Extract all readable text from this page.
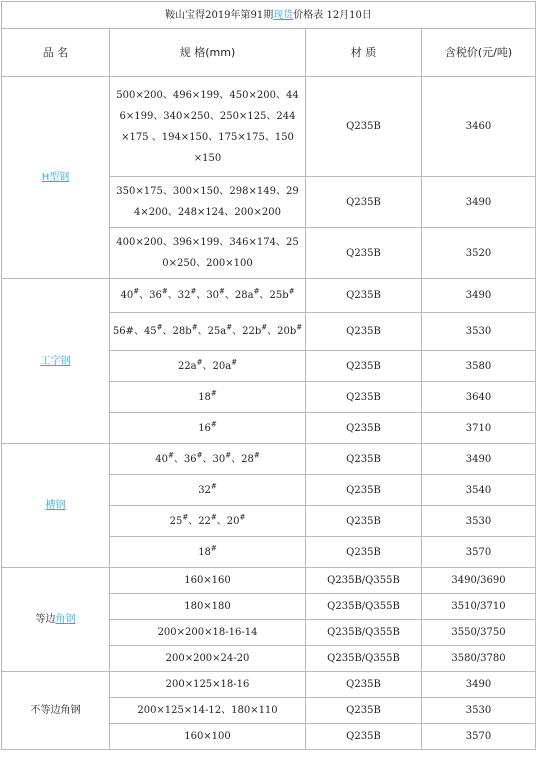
鞍山宝得2019年第91期现货价格表 12月10日			
品 名	规 格(mm)	材 质	含税价(元/吨)
H型钢	500×200、496×199、450×200、44
6×199、340×250、250×125、244
×175 、194×150、175×175、150
×150	Q235B	3460

	350×175、300×150、298×149、29
4×200、248×124、200×200	Q235B	3490

	400×200、396×199、346×174、25
0×250、200×100	Q235B	3520
工字钢	40#、36#、32#、30#、28a#、25b#	Q235B	3490
	56#、45#、28b#、25a#、22b#、20b#	Q235B	3530
	22a#、20a#	Q235B	3580
	18#	Q235B	3640
	16#	Q235B	3710
槽钢	40#、36#、30#、28#	Q235B	3490
	32#	Q235B	3540
	25#、22#、20#	Q235B	3530
	18#	Q235B	3570
等边角钢	160×160	Q235B/Q355B	3490/3690
	180×180	Q235B/Q355B	3510/3710
	200×200×18-16-14	Q235B/Q355B	3550/3750
	200×200×24-20	Q235B/Q355B	3580/3780
不等边角钢	200×125×18-16	Q235B	3490
	200×125×14-12、180×110	Q235B	3530
	160×100	Q235B	3570
